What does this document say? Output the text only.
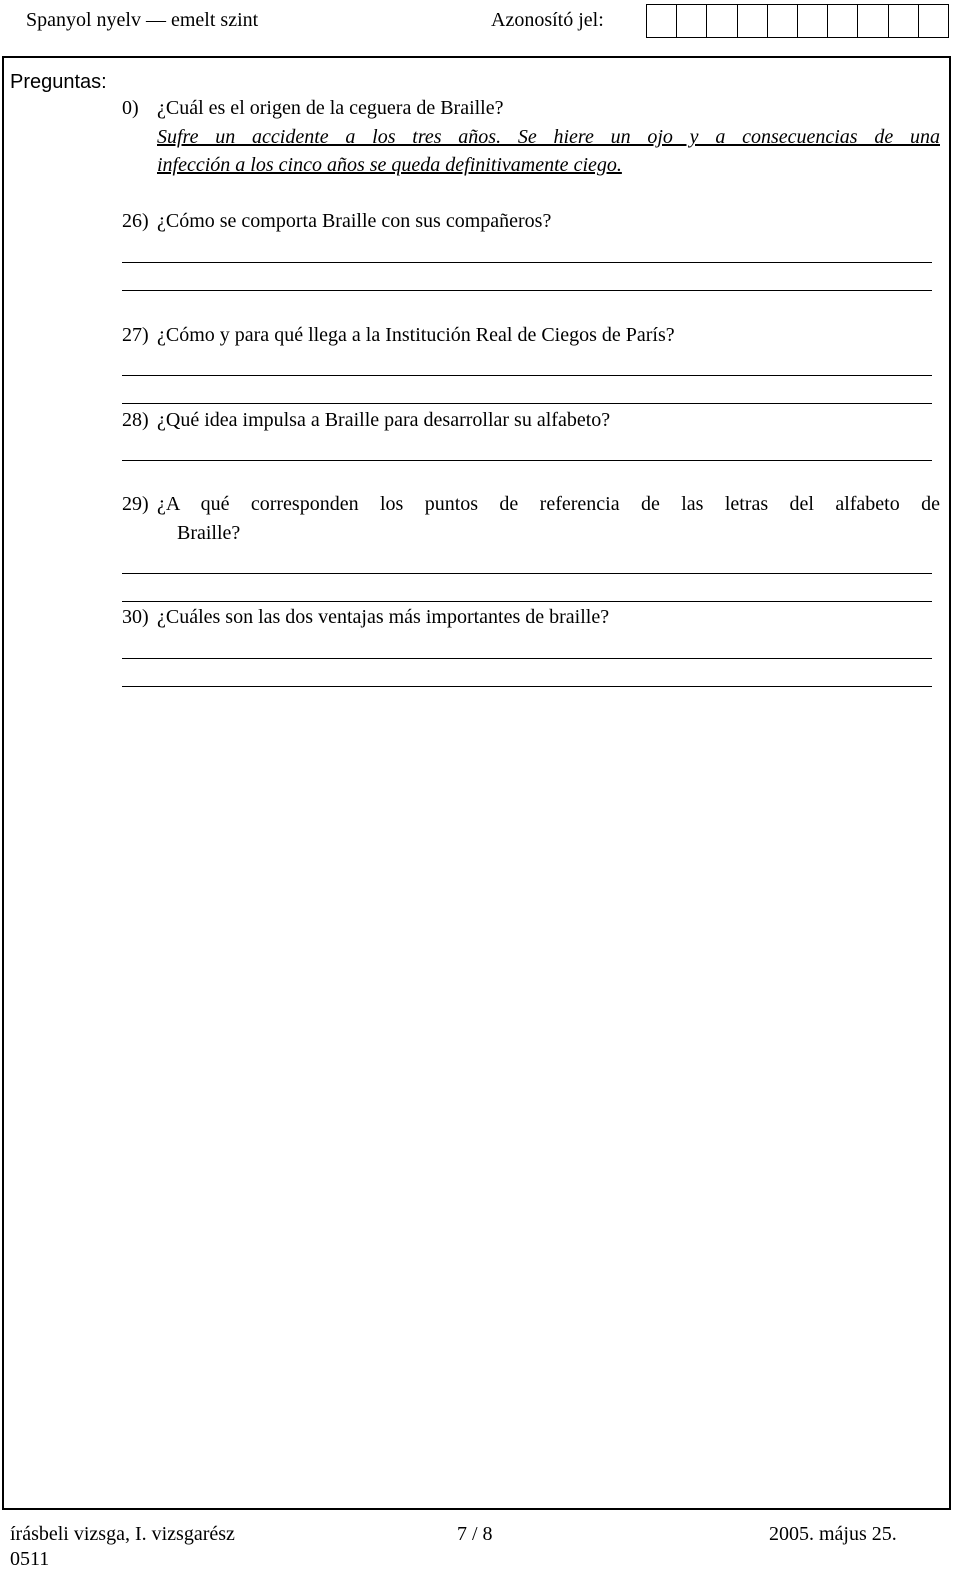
Spanyol nyelv — emelt szint	Azonosító jel:
Preguntas:
0) ¿Cuál es el origen de la ceguera de Braille?
Sufre un accidente a los tres años. Se hiere un ojo y a consecuencias de una
infección a los cinco años se queda definitivamente ciego.
26) ¿Cómo se comporta Braille con sus compañeros?
27) ¿Cómo y para qué llega a la Institución Real de Ciegos de París?
28) ¿Qué idea impulsa a Braille para desarrollar su alfabeto?
29) ¿A qué corresponden los puntos de referencia de las letras del alfabeto de
Braille?
30) ¿Cuáles son las dos ventajas más importantes de braille?
írásbeli vizsga, I. vizsgarész
0511
7 / 8	2005. május 25.
